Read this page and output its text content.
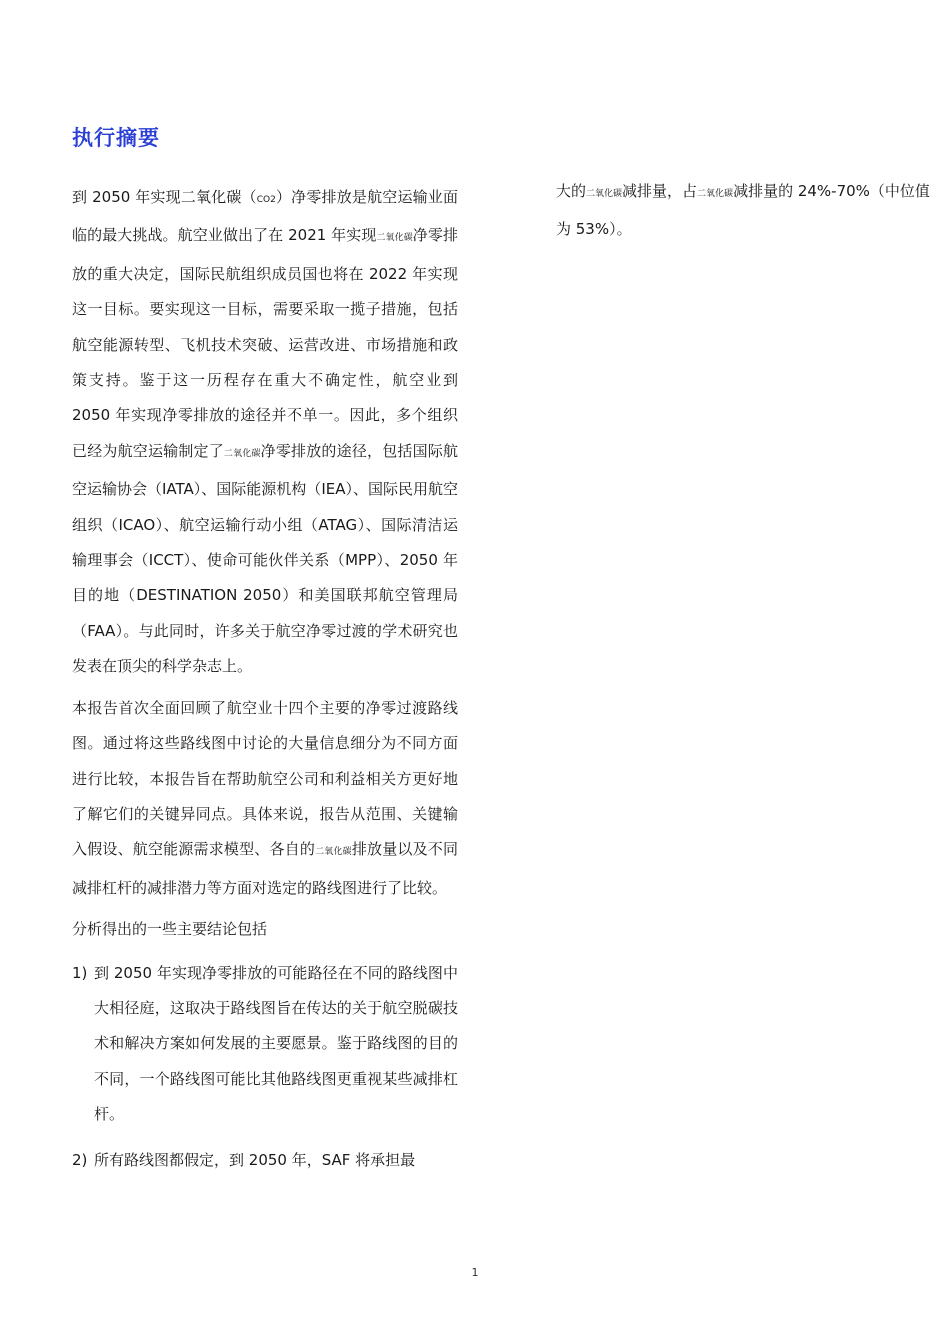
执行摘要

到 2050 年实现二氧化碳（CO2）净零排放是航空运输业面临的最大挑战。航空业做出了在 2021 年实现二氧化碳净零排放的重大决定，国际民航组织成员国也将在 2022 年实现这一目标。要实现这一目标，需要采取一揽子措施，包括航空能源转型、飞机技术突破、运营改进、市场措施和政策支持。鉴于这一历程存在重大不确定性，航空业到 2050 年实现净零排放的途径并不单一。因此，多个组织已经为航空运输制定了二氧化碳净零排放的途径，包括国际航空运输协会（IATA）、国际能源机构（IEA）、国际民用航空组织（ICAO）、航空运输行动小组（ATAG）、国际清洁运输理事会（ICCT）、使命可能伙伴关系（MPP）、2050 年目的地（DESTINATION 2050）和美国联邦航空管理局（FAA）。与此同时，许多关于航空净零过渡的学术研究也发表在顶尖的科学杂志上。

本报告首次全面回顾了航空业十四个主要的净零过渡路线图。通过将这些路线图中讨论的大量信息细分为不同方面进行比较，本报告旨在帮助航空公司和利益相关方更好地了解它们的关键异同点。具体来说，报告从范围、关键输入假设、航空能源需求模型、各自的二氧化碳排放量以及不同减排杠杆的减排潜力等方面对选定的路线图进行了比较。

分析得出的一些主要结论包括

1) 到 2050 年实现净零排放的可能路径在不同的路线图中大相径庭，这取决于路线图旨在传达的关于航空脱碳技术和解决方案如何发展的主要愿景。鉴于路线图的目的不同，一个路线图可能比其他路线图更重视某些减排杠杆。
2) 所有路线图都假定，到 2050 年，SAF 将承担最

大的二氧化碳减排量，占二氧化碳减排量的 24%-70%（中位值为 53%）。

1
